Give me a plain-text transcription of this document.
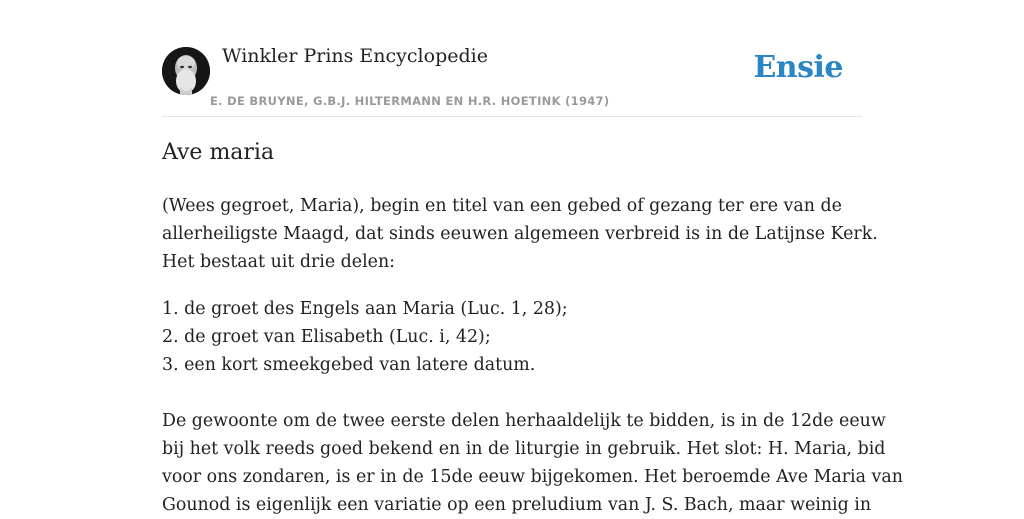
Winkler Prins Encyclopedie
E. DE BRUYNE, G.B.J. HILTERMANN EN H.R. HOETINK (1947)
Ensie
Ave maria

(Wees gegroet, Maria), begin en titel van een gebed of gezang ter ere van de

allerheiligste Maagd, dat sinds eeuwen algemeen verbreid is in de Latijnse Kerk.

Het bestaat uit drie delen:

1. de groet des Engels aan Maria (Luc. 1, 28);

2. de groet van Elisabeth (Luc. i, 42);

3. een kort smeekgebed van latere datum.

De gewoonte om de twee eerste delen herhaaldelijk te bidden, is in de 12de eeuw

bij het volk reeds goed bekend en in de liturgie in gebruik. Het slot: H. Maria, bid

voor ons zondaren, is er in de 15de eeuw bijgekomen. Het beroemde Ave Maria van

Gounod is eigenlijk een variatie op een preludium van J. S. Bach, maar weinig in
